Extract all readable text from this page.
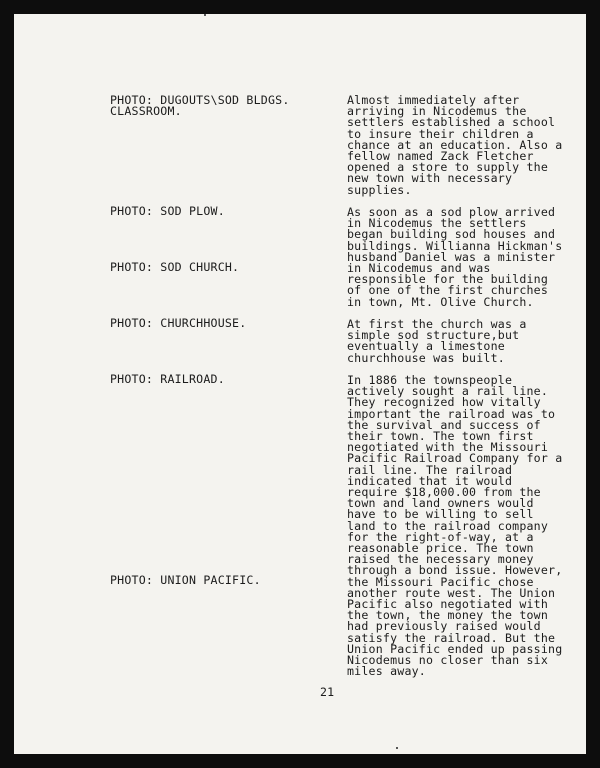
PHOTO: DUGOUTS\SOD BLDGS.
CLASSROOM.
PHOTO: SOD PLOW.
PHOTO: SOD CHURCH.
PHOTO: CHURCHHOUSE.
PHOTO: RAILROAD.
PHOTO: UNION PACIFIC.
Almost immediately after
arriving in Nicodemus the
settlers established a school
to insure their children a
chance at an education. Also a
fellow named Zack Fletcher
opened a store to supply the
new town with necessary
supplies.
As soon as a sod plow arrived
in Nicodemus the settlers
began building sod houses and
buildings. Willianna Hickman's
husband Daniel was a minister
in Nicodemus and was
responsible for the building
of one of the first churches
in town, Mt. Olive Church.
At first the church was a
simple sod structure,but
eventually a limestone
churchhouse was built.
In 1886 the townspeople
actively sought a rail line.
They recognized how vitally
important the railroad was to
the survival and success of
their town. The town first
negotiated with the Missouri
Pacific Railroad Company for a
rail line. The railroad
indicated that it would
require $18,000.00 from the
town and land owners would
have to be willing to sell
land to the railroad company
for the right-of-way, at a
reasonable price. The town
raised the necessary money
through a bond issue. However,
the Missouri Pacific chose
another route west. The Union
Pacific also negotiated with
the town, the money the town
had previously raised would
satisfy the railroad. But the
Union Pacific ended up passing
Nicodemus no closer than six
miles away.
21
